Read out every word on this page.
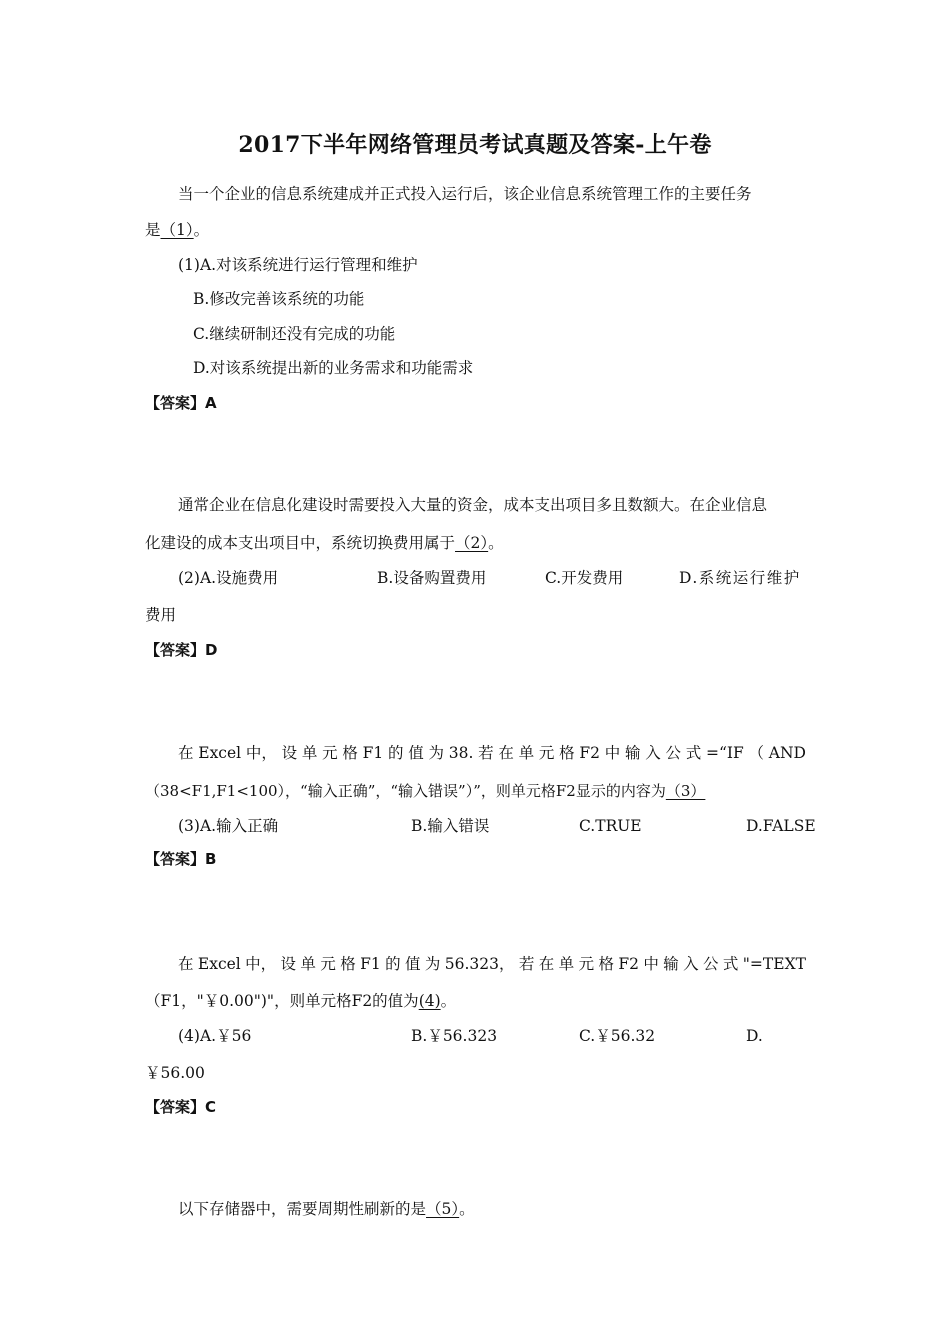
2017下半年网络管理员考试真题及答案-上午卷
当一个企业的信息系统建成并正式投入运行后，该企业信息系统管理工作的主要任务
是（1）。
(1)A.对该系统进行运行管理和维护
B.修改完善该系统的功能
C.继续研制还没有完成的功能
D.对该系统提出新的业务需求和功能需求
【答案】A
通常企业在信息化建设时需要投入大量的资金，成本支出项目多且数额大。在企业信息
化建设的成本支出项目中，系统切换费用属于（2）。
(2)A.设施费用	B.设备购置费用	C.开发费用	D.系统运行维护
费用
【答案】D
在 Excel 中， 设 单 元 格 F1 的 值 为 38. 若 在 单 元 格 F2 中 输 入 公 式 =“IF （ AND
（38<F1,F1<100），“输入正确”，“输入错误”）”，则单元格F2显示的内容为（3）
(3)A.输入正确	B.输入错误	C.TRUE	D.FALSE
【答案】B
在 Excel 中， 设 单 元 格 F1 的 值 为 56.323， 若 在 单 元 格 F2 中 输 入 公 式 "=TEXT
（F1，"￥0.00")"，则单元格F2的值为(4)。
(4)A.￥56	B.￥56.323	C.￥56.32	D.
￥56.00
【答案】C
以下存储器中，需要周期性刷新的是（5）。
